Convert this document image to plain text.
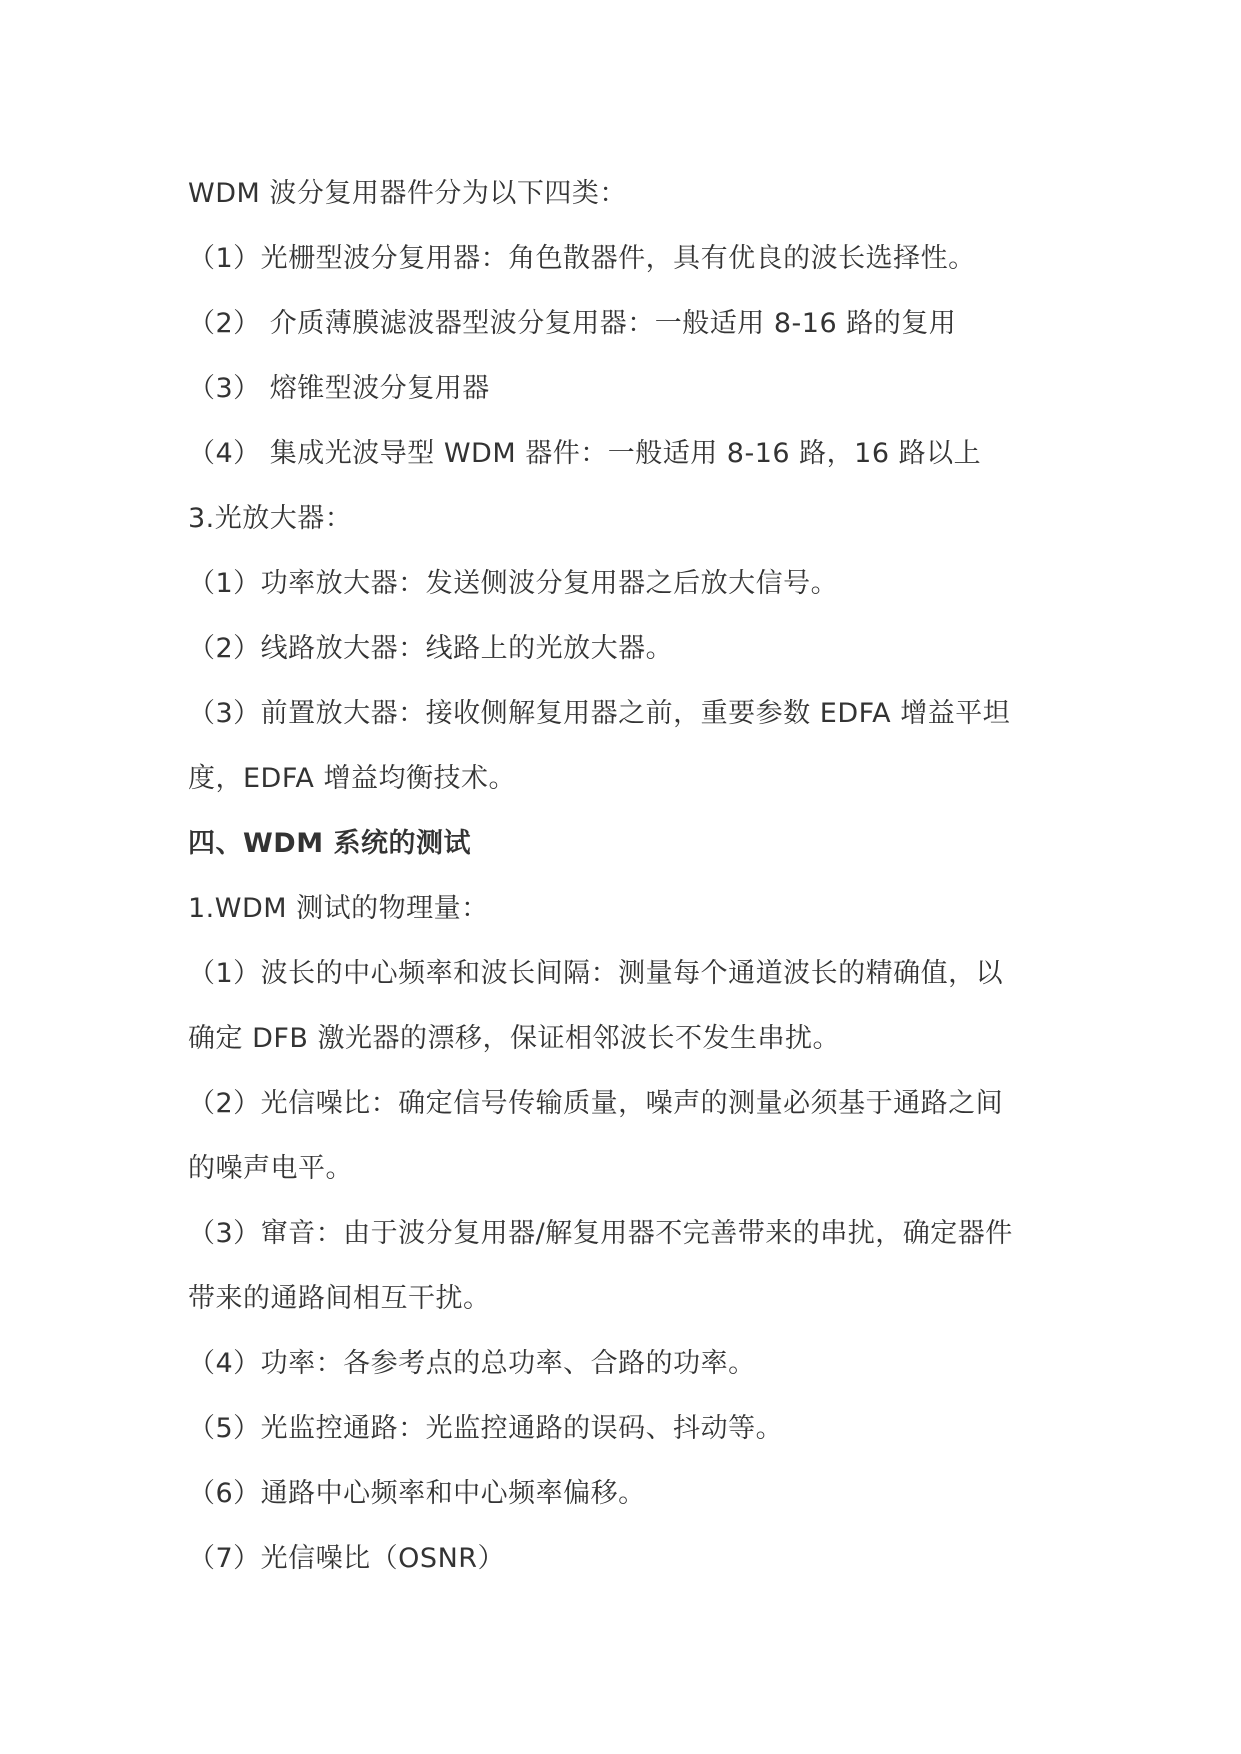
WDM 波分复用器件分为以下四类：
（1）光栅型波分复用器：角色散器件，具有优良的波长选择性。
（2） 介质薄膜滤波器型波分复用器：一般适用 8-16 路的复用
（3） 熔锥型波分复用器
（4） 集成光波导型 WDM 器件：一般适用 8-16 路，16 路以上
3.光放大器：
（1）功率放大器：发送侧波分复用器之后放大信号。
（2）线路放大器：线路上的光放大器。
（3）前置放大器：接收侧解复用器之前，重要参数 EDFA 增益平坦
度，EDFA 增益均衡技术。
四、WDM 系统的测试
1.WDM 测试的物理量：
（1）波长的中心频率和波长间隔：测量每个通道波长的精确值，以
确定 DFB 激光器的漂移，保证相邻波长不发生串扰。
（2）光信噪比：确定信号传输质量，噪声的测量必须基于通路之间
的噪声电平。
（3）窜音：由于波分复用器/解复用器不完善带来的串扰，确定器件
带来的通路间相互干扰。
（4）功率：各参考点的总功率、合路的功率。
（5）光监控通路：光监控通路的误码、抖动等。
（6）通路中心频率和中心频率偏移。
（7）光信噪比（OSNR）
